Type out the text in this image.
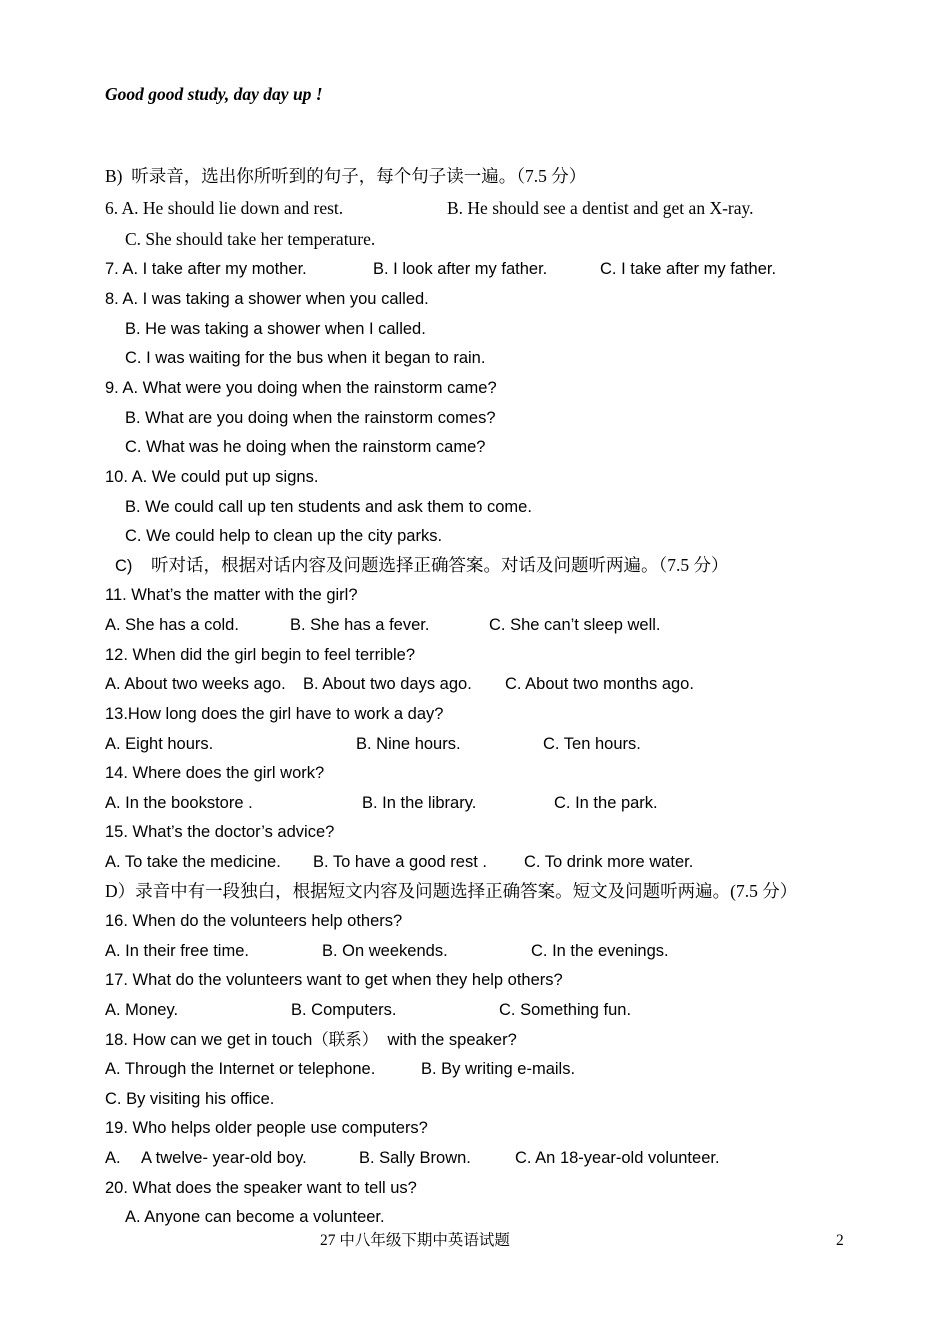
Good good study, day day up !
B)  听录音，选出你所听到的句子，每个句子读一遍。（7.5 分）
6. A. He should lie down and rest.	B. He should see a dentist and get an X-ray.
C. She should take her temperature.
7. A. I take after my mother.	B. I look after my father.	C. I take after my father.
8. A. I was taking a shower when you called.
B. He was taking a shower when I called.
C. I was waiting for the bus when it began to rain.
9. A. What were you doing when the rainstorm came?
B. What are you doing when the rainstorm comes?
C. What was he doing when the rainstorm came?
10. A. We could put up signs.
B. We could call up ten students and ask them to come.
C. We could help to clean up the city parks.
C) 听对话，根据对话内容及问题选择正确答案。对话及问题听两遍。（7.5 分）
11. What’s the matter with the girl?
A. She has a cold.	B. She has a fever.	C. She can’t sleep well.
12. When did the girl begin to feel terrible?
A. About two weeks ago. B. About two days ago. C. About two months ago.
13.How long does the girl have to work a day?
A. Eight hours.	B. Nine hours.	C. Ten hours.
14. Where does the girl work?
A. In the bookstore .	B. In the library.	C. In the park.
15. What’s the doctor’s advice?
A. To take the medicine. B. To have a good rest . C. To drink more water.
D）录音中有一段独白，根据短文内容及问题选择正确答案。短文及问题听两遍。(7.5 分）
16. When do the volunteers help others?
A. In their free time.	B. On weekends.	C. In the evenings.
17. What do the volunteers want to get when they help others?
A. Money.	B. Computers.	C. Something fun.
18. How can we get in touch（联系）  with the speaker?
A. Through the Internet or telephone.	B. By writing e-mails.
C. By visiting his office.
19. Who helps older people use computers?
A. A twelve- year-old boy.	B. Sally Brown.	C. An 18-year-old volunteer.
20. What does the speaker want to tell us?
A. Anyone can become a volunteer.
27 中八年级下期中英语试题	2
